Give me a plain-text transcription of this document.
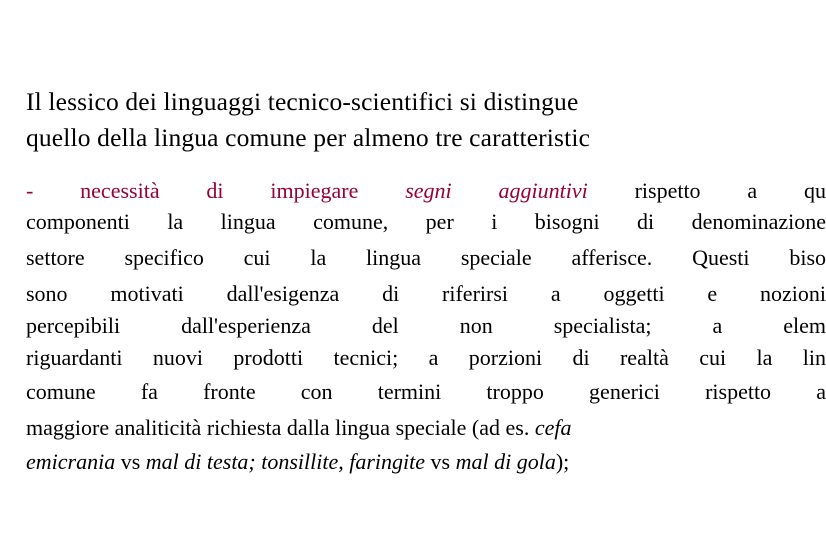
Il lessico dei linguaggi tecnico-scientifici si distingue
quello della lingua comune per almeno tre caratteristic
- necessità di impiegare segni aggiuntivi rispetto a qu
componenti la lingua comune, per i bisogni di denominazione
settore specifico cui la lingua speciale afferisce. Questi biso
sono motivati dall'esigenza di riferirsi a oggetti e nozioni
percepibili dall'esperienza del non specialista; a elem
riguardanti nuovi prodotti tecnici; a porzioni di realtà cui la lin
comune fa fronte con termini troppo generici rispetto a
maggiore analiticità richiesta dalla lingua speciale (ad es. cefa
emicrania vs mal di testa; tonsillite, faringite vs mal di gola);
